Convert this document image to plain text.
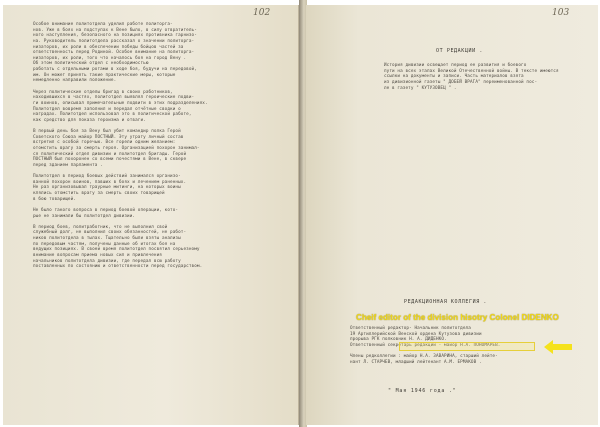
102
Особое внимание политотдела уделил работе политорга-
нов. Уже в боях на подступах к Вене было, в силу отвратитель-
ного наступления, безопасного на позициях противника гарнизо-
на. Руководитель политотдела рассказал о значении политорга-
низаторов, их роли в обеспечении победы бойцов частей за
ответственность перед Родиной. Особое внимание на политорга-
низаторов, их роли, того что началось боя на город Вену .
Об этом политический отдел с необходимостью
работать с отдельными ротами в ходе боя, будучи на передовой,
им. Он может принять такие практические меры, которые
немедленно направили положение.
Через политические отделы бригад в своих работников,
находившихся в частях, политотдел выявлял героические подви-
ги воинов, описывал примечательные подвиги в этих подразделениях.
Политотдел вовремя заполнил и передал отчётные сводки о
наградах. Политотдел использовал это в политической работе,
как средство для показа героизма и отваги.
В первый день боя за Вену был убит командир полка Герой
Советского Союза майор ПОСТНЫЙ. Эту утрату личный состав
встретил с особой горечью. Все горели одним желанием:
отомстить врагу за смерть героя. Организацией похорон занимал-
ся политический отдел дивизии и политотдел бригады. Герой
ПОСТНЫЙ был похоронен со всеми почестями в Вене, в сквере
перед зданием парламента .
Политотдел в период боевых действий занимался организо-
ванной похорон воинов, павших в боях и лечением раненных.
Не раз организовывал траурные митинги, на которых воины
клялись отомстить врагу за смерть своих товарищей
в бою товарищей.
Не было такого вопроса в период боевой операции, кото-
рые не занимали бы политотдел дивизии.
В период боев, политработник, что не выполнил свой
служебный долг, не выполнил своих обязанностей, не работ-
ников политотдела в тылах. Тщательно были взяты анализы
по передовым частям, получены данные об итогах боя на
ведущих позициях. В своей время политотдел посвятил серьезному
внимание вопросам приема новых сил и привлечения
начальников политотдела дивизии, где передал всю работу
поставленных по состоянию и ответственности перед государством.
103
ОТ РЕДАКЦИИ .
История дивизии освещает период ее развития и боевого
пути на всех этапах Великой Отечественной войны. В тексте имеются
ссылки на документы и записи. Часть материалов взята
из дивизионной газеты " ДОБЕЙ ВРАГА" переименованной пос-
ле в газету " КУТУЗОВЕЦ " .
РЕДАКЦИОННАЯ КОЛЛЕГИЯ .
Ответственный редактор- Начальник политотдела
19 Артиллерийской Венской ордена Кутузова дивизии
прорыва РГК полковник Н. А. ДИДЕНКО.
Ответственный секретарь редакции - майор Н.А. ПОНОМАРЕВ.
Члены редколлегии : майор Н.А. ЗАВАРИНА, старший лейте-
нант Л. СТАРЧЕВ, младший лейтенант А.М. ЕРМАКОВ .
" Мая 1946 года ."
Cheif editor of the division hisotry Colonel DIDENKO
